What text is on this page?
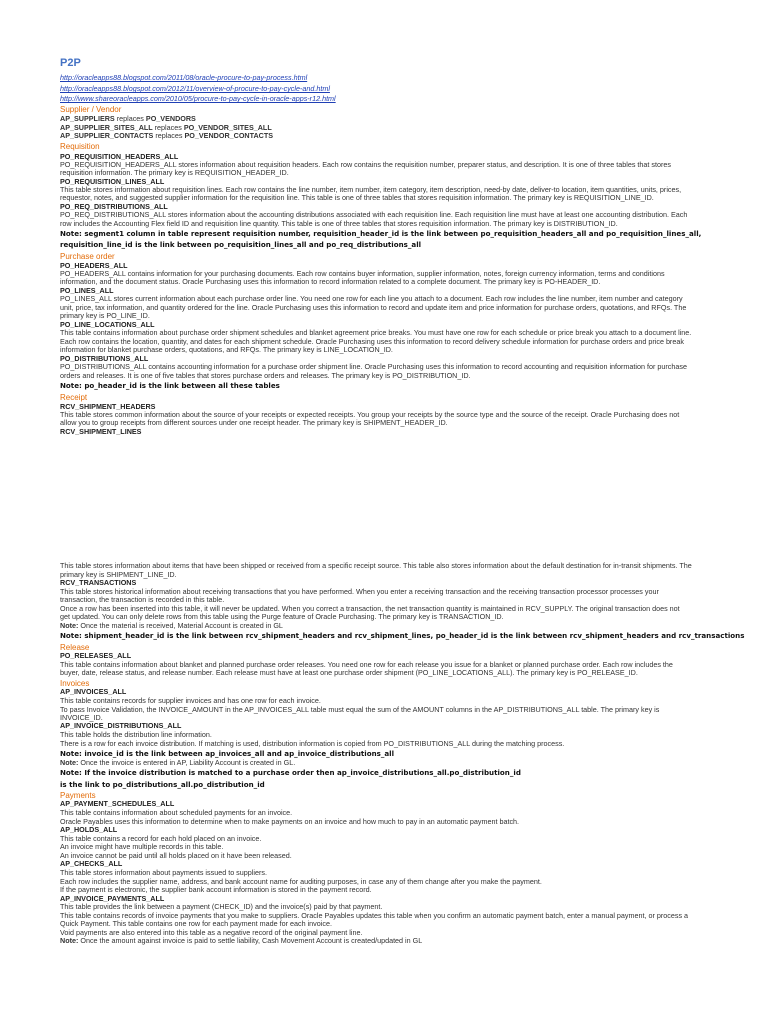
P2P
http://oracleapps88.blogspot.com/2011/08/oracle-procure-to-pay-process.html
http://oracleapps88.blogspot.com/2012/11/overview-of-procure-to-pay-cycle-and.html
http://www.shareoracleapps.com/2010/05/procure-to-pay-cycle-in-oracle-apps-r12.html
Supplier / Vendor
AP_SUPPLIERS replaces PO_VENDORS
AP_SUPPLIER_SITES_ALL replaces PO_VENDOR_SITES_ALL
AP_SUPPLIER_CONTACTS replaces PO_VENDOR_CONTACTS
Requisition
PO_REQUISITION_HEADERS_ALL
PO_REQUISITION_HEADERS_ALL stores information about requisition headers. Each row contains the requisition number, preparer status, and description. It is one of three tables that stores
requisition information. The primary key is REQUISITION_HEADER_ID.
PO_REQUISITION_LINES_ALL
This table stores information about requisition lines. Each row contains the line number, item number, item category, item description, need-by date, deliver-to location, item quantities, units, prices,
requestor, notes, and suggested supplier information for the requisition line. This table is one of three tables that stores requisition information. The primary key is REQUISITION_LINE_ID.
PO_REQ_DISTRIBUTIONS_ALL
PO_REQ_DISTRIBUTIONS_ALL stores information about the accounting distributions associated with each requisition line. Each requisition line must have at least one accounting distribution. Each
row includes the Accounting Flex field ID and requisition line quantity. This table is one of three tables that stores requisition information. The primary key is DISTRIBUTION_ID.
Note: segment1 column in table represent requisition number, requisition_header_id is the link between po_requisition_headers_all and po_requisition_lines_all,
requisition_line_id is the link between po_requisition_lines_all and po_req_distributions_all
Purchase order
PO_HEADERS_ALL
PO_HEADERS_ALL contains information for your purchasing documents. Each row contains buyer information, supplier information, notes, foreign currency information, terms and conditions
information, and the document status. Oracle Purchasing uses this information to record information related to a complete document. The primary key is PO-HEADER_ID.
PO_LINES_ALL
PO_LINES_ALL stores current information about each purchase order line. You need one row for each line you attach to a document. Each row includes the line number, item number and category
unit, price, tax information, and quantity ordered for the line. Oracle Purchasing uses this information to record and update item and price information for purchase orders, quotations, and RFQs. The
primary key is PO_LINE_ID.
PO_LINE_LOCATIONS_ALL
This table contains information about purchase order shipment schedules and blanket agreement price breaks. You must have one row for each schedule or price break you attach to a document line.
Each row contains the location, quantity, and dates for each shipment schedule. Oracle Purchasing uses this information to record delivery schedule information for purchase orders and price break
information for blanket purchase orders, quotations, and RFQs. The primary key is LINE_LOCATION_ID.
PO_DISTRIBUTIONS_ALL
PO_DISTRIBUTIONS_ALL contains accounting information for a purchase order shipment line. Oracle Purchasing uses this information to record accounting and requisition information for purchase
orders and releases. It is one of five tables that stores purchase orders and releases. The primary key is PO_DISTRIBUTION_ID.
Note: po_header_id is the link between all these tables
Receipt
RCV_SHIPMENT_HEADERS
This table stores common information about the source of your receipts or expected receipts. You group your receipts by the source type and the source of the receipt. Oracle Purchasing does not
allow you to group receipts from different sources under one receipt header. The primary key is SHIPMENT_HEADER_ID.
RCV_SHIPMENT_LINES
This table stores information about items that have been shipped or received from a specific receipt source. This table also stores information about the default destination for in-transit shipments. The
primary key is SHIPMENT_LINE_ID.
RCV_TRANSACTIONS
This table stores historical information about receiving transactions that you have performed. When you enter a receiving transaction and the receiving transaction processor processes your
transaction, the transaction is recorded in this table.
Once a row has been inserted into this table, it will never be updated. When you correct a transaction, the net transaction quantity is maintained in RCV_SUPPLY. The original transaction does not
get updated. You can only delete rows from this table using the Purge feature of Oracle Purchasing. The primary key is TRANSACTION_ID.
Note: Once the material is received, Material Account is created in GL
Note: shipment_header_id is the link between rcv_shipment_headers and rcv_shipment_lines, po_header_id is the link between rcv_shipment_headers and rcv_transactions
Release
PO_RELEASES_ALL
This table contains information about blanket and planned purchase order releases. You need one row for each release you issue for a blanket or planned purchase order. Each row includes the
buyer, date, release status, and release number. Each release must have at least one purchase order shipment (PO_LINE_LOCATIONS_ALL). The primary key is PO_RELEASE_ID.
Invoices
AP_INVOICES_ALL
This table contains records for supplier invoices and has one row for each invoice.
To pass Invoice Validation, the INVOICE_AMOUNT in the AP_INVOICES_ALL table must equal the sum of the AMOUNT columns in the AP_DISTRIBUTIONS_ALL table. The primary key is
INVOICE_ID.
AP_INVOICE_DISTRIBUTIONS_ALL
This table holds the distribution line information.
There is a row for each invoice distribution. If matching is used, distribution information is copied from PO_DISTRIBUTIONS_ALL during the matching process.
Note: invoice_id is the link between ap_invoices_all and ap_invoice_distributions_all
Note: Once the invoice is entered in AP, Liability Account is created in GL.
Note: If the invoice distribution is matched to a purchase order then ap_invoice_distributions_all.po_distribution_id
is the link to po_distributions_all.po_distribution_id
Payments
AP_PAYMENT_SCHEDULES_ALL
This table contains information about scheduled payments for an invoice.
Oracle Payables uses this information to determine when to make payments on an invoice and how much to pay in an automatic payment batch.
AP_HOLDS_ALL
This table contains a record for each hold placed on an invoice.
An invoice might have multiple records in this table.
An invoice cannot be paid until all holds placed on it have been released.
AP_CHECKS_ALL
This table stores information about payments issued to suppliers.
Each row includes the supplier name, address, and bank account name for auditing purposes, in case any of them change after you make the payment.
If the payment is electronic, the supplier bank account information is stored in the payment record.
AP_INVOICE_PAYMENTS_ALL
This table provides the link between a payment (CHECK_ID) and the invoice(s) paid by that payment.
This table contains records of invoice payments that you make to suppliers. Oracle Payables updates this table when you confirm an automatic payment batch, enter a manual payment, or process a
Quick Payment. This table contains one row for each payment made for each invoice.
Void payments are also entered into this table as a negative record of the original payment line.
Note: Once the amount against invoice is paid to settle liability, Cash Movement Account is created/updated in GL
